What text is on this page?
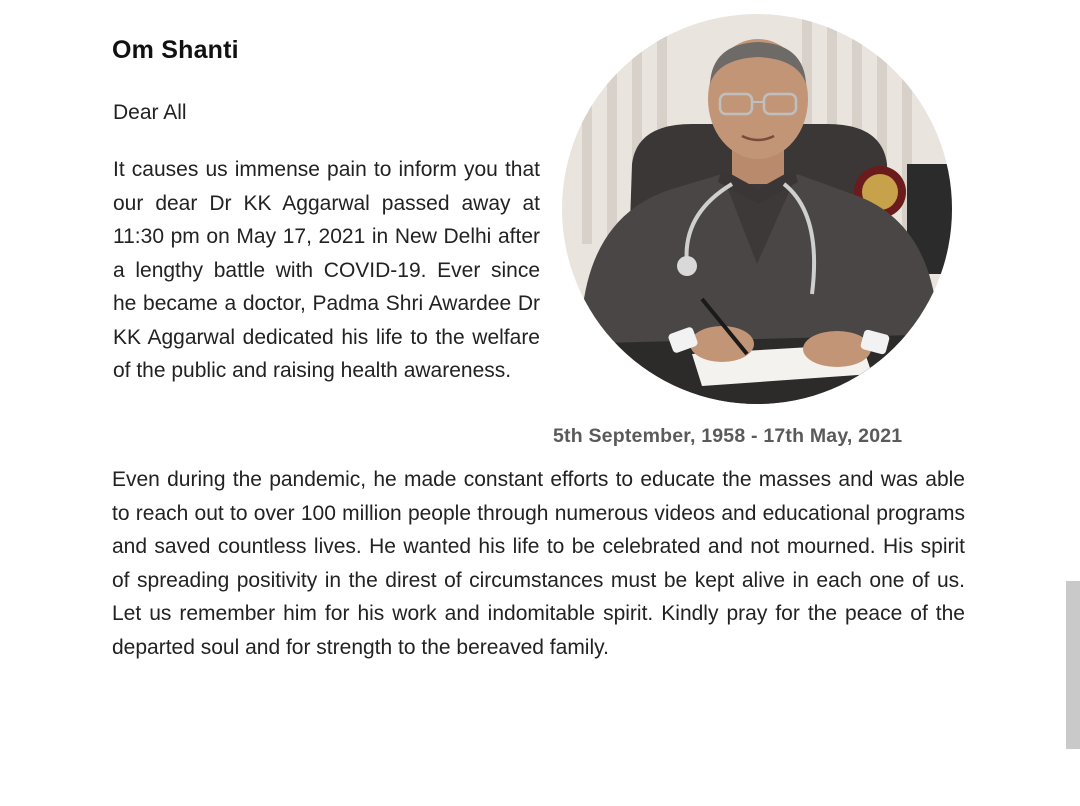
Om Shanti
Dear All
It causes us immense pain to inform you that our dear Dr KK Aggarwal passed away at 11:30 pm on May 17, 2021 in New Delhi after a lengthy battle with COVID-19. Ever since he became a doctor, Padma Shri Awardee Dr KK Aggarwal dedicated his life to the welfare of the public and raising health awareness.
5th September, 1958 - 17th May, 2021
Even during the pandemic, he made constant efforts to educate the masses and was able to reach out to over 100 million people through numerous videos and educational programs and saved countless lives. He wanted his life to be celebrated and not mourned. His spirit of spreading positivity in the direst of circumstances must be kept alive in each one of us. Let us remember him for his work and indomitable spirit. Kindly pray for the peace of the departed soul and for strength to the bereaved family.
